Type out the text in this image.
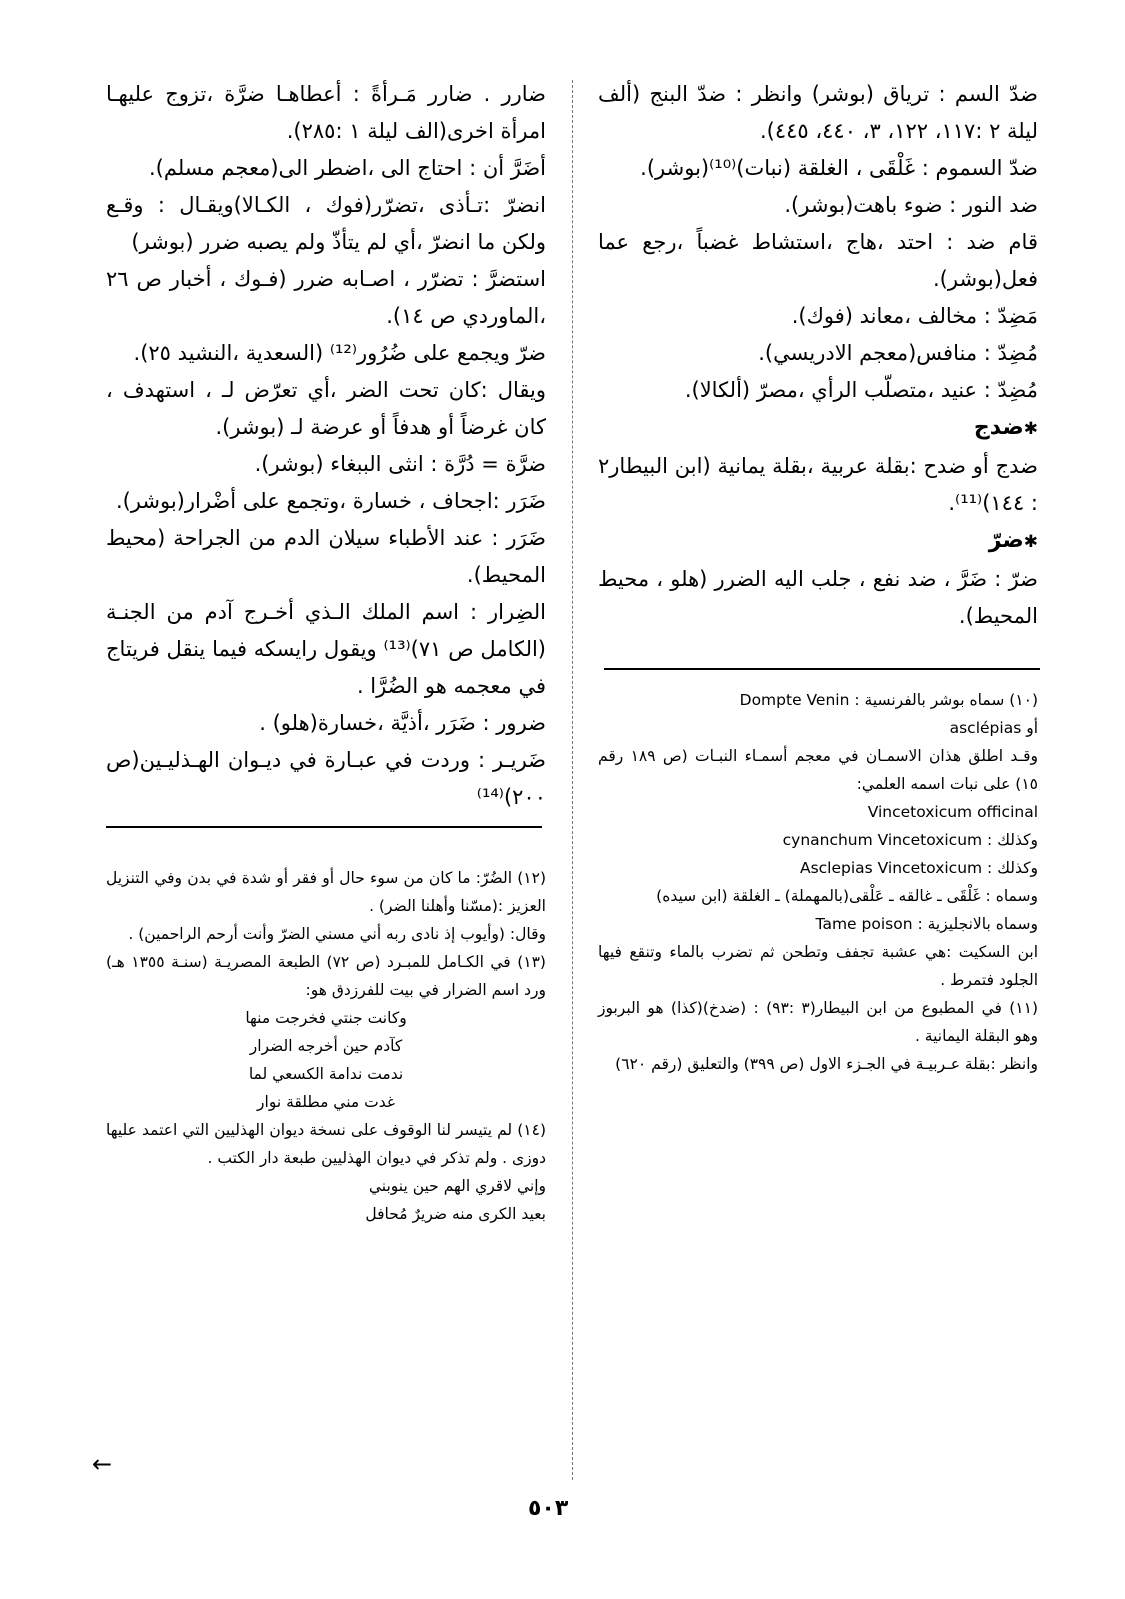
ضدّ السم : ترياق (بوشر) وانظر : ضدّ البنج (ألف ليلة ٢ :١١٧، ١٢٢، ٣، ٤٤٠، ٤٤٥).

ضدّ السموم : غَلْقَى ، الغلقة (نبات)⁽¹⁰⁾(بوشر).

ضد النور : ضوء باهت(بوشر).

قام ضد : احتد ،هاج ،استشاط غضباً ،رجع عما فعل(بوشر).

مَضِدّ : مخالف ،معاند (فوك).

مُضِدّ : منافس(معجم الادريسي).

مُضِدّ : عنيد ،متصلّب الرأي ،مصرّ (ألكالا).

✱ ضدج

ضدج أو ضدح :بقلة عربية ،بقلة يمانية (ابن البيطار٢ : ١٤٤)⁽¹¹⁾.

✱ ضرّ

ضرّ : ضَرَّ ، ضد نفع ، جلب اليه الضرر (هلو ، محيط المحيط).

ضارر . ضارر مَـرأةً : أعطاهـا ضرَّة ،تزوج عليهـا امرأة اخرى(الف ليلة ١ :٢٨٥).

أضَرَّ أن : احتاج الى ،اضطر الى(معجم مسلم).

انضرّ :تـأذى ،تضرّر(فوك ، الكـالا)ويقـال : وقـع ولكن ما انضرّ ،أي لم يتأذّ ولم يصبه ضرر (بوشر)

استضرَّ : تضرّر ، اصـابه ضرر (فـوك ، أخبار ص ٢٦ ،الماوردي ص ١٤).

ضرّ ويجمع على ضُرُور⁽¹²⁾ (السعدية ،النشيد ٢٥).

ويقال :كان تحت الضر ،أي تعرّض لـ ، استهدف ، كان غرضاً أو هدفاً أو عرضة لـ (بوشر).

ضرَّة = دُرَّة : انثى الببغاء (بوشر).

ضَرَر :اجحاف ، خسارة ،وتجمع على أضْرار(بوشر).

ضَرَر : عند الأطباء سيلان الدم من الجراحة (محيط المحيط).

الضِرار : اسم الملك الـذي أخـرج آدم من الجنـة (الكامل ص ٧١)⁽¹³⁾ ويقول رايسكه فيما ينقل فريتاج في معجمه هو الضُرَّا .

ضرور : ضَرَر ،أذيَّة ،خسارة(هلو) .

ضَريـر : وردت في عبـارة في ديـوان الهـذليـين(ص ٢٠٠)⁽¹⁴⁾

(١٠) سماه بوشر بالفرنسية : Dompte Venin

أو asclépias

وقـد اطلق هذان الاسمـان في معجم أسمـاء النبـات (ص ١٨٩ رقم ١٥) على نبات اسمه العلمي:

Vincetoxicum officinal

وكذلك : cynanchum Vincetoxicum

وكذلك : Asclepias Vincetoxicum

وسماه : غَلْقَى ـ غالقه ـ عَلْقى(بالمهملة) ـ الغلقة (ابن سيده)

وسماه بالانجليزية : Tame poison

ابن السكيت :هي عشبة تجفف وتطحن ثم تضرب بالماء وتنقع فيها الجلود فتمرط .

(١١) في المطبوع من ابن البيطار(٣ :٩٣) : (ضدخ)(كذا) هو البربوز وهو البقلة اليمانية .

وانظر :بقلة عـربيـة في الجـزء الاول (ص ٣٩٩) والتعليق (رقم ٦٢٠)

(١٢) الضُرّ: ما كان من سوء حال أو فقر أو شدة في بدن وفي التنزيل العزيز :(مسّنا وأهلنا الضر) .

وقال: (وأيوب إذ نادى ربه أني مسني الضرّ وأنت أرحم الراحمين) .

(١٣) في الكـامل للمبـرد (ص ٧٢) الطبعة المصريـة (سنـة ١٣٥٥ هـ) ورد اسم الضرار في بيت للفرزدق هو:

وكانت جنتي فخرجت منها

كآدم حين أخرجه الضرار

ندمت ندامة الكسعي لما

غدت مني مطلقة نوار

(١٤) لم يتيسر لنا الوقوف على نسخة ديوان الهذليين التي اعتمد عليها دوزى . ولم تذكر في ديوان الهذليين طبعة دار الكتب .

وإني لاقري الهم حين ينوبني

بعيد الكرى منه ضريرٌ مُحافل

←
٥٠٣
